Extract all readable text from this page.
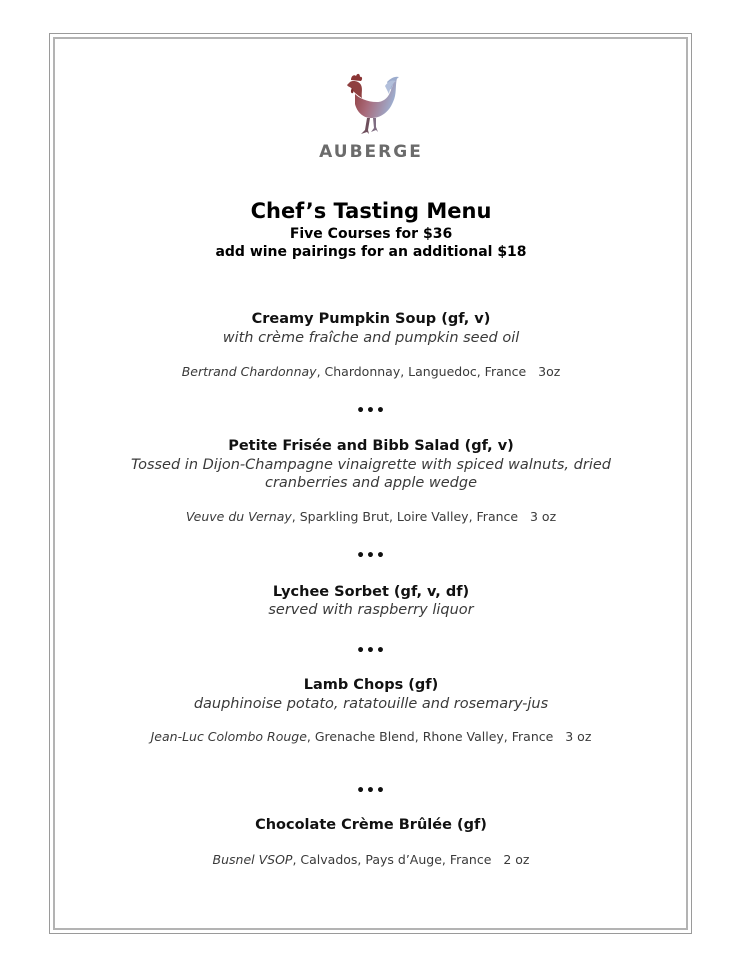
AUBERGE
Chef’s Tasting Menu
Five Courses for $36
add wine pairings for an additional $18
Creamy Pumpkin Soup (gf, v)
with crème fraîche and pumpkin seed oil
Bertrand Chardonnay, Chardonnay, Languedoc, France   3oz
•••
Petite Frisée and Bibb Salad (gf, v)
Tossed in Dijon-Champagne vinaigrette with spiced walnuts, dried
cranberries and apple wedge
Veuve du Vernay, Sparkling Brut, Loire Valley, France   3 oz
•••
Lychee Sorbet (gf, v, df)
served with raspberry liquor
•••
Lamb Chops (gf)
dauphinoise potato, ratatouille and rosemary-jus
Jean-Luc Colombo Rouge, Grenache Blend, Rhone Valley, France   3 oz
•••
Chocolate Crème Brûlée (gf)
Busnel VSOP, Calvados, Pays d’Auge, France   2 oz
